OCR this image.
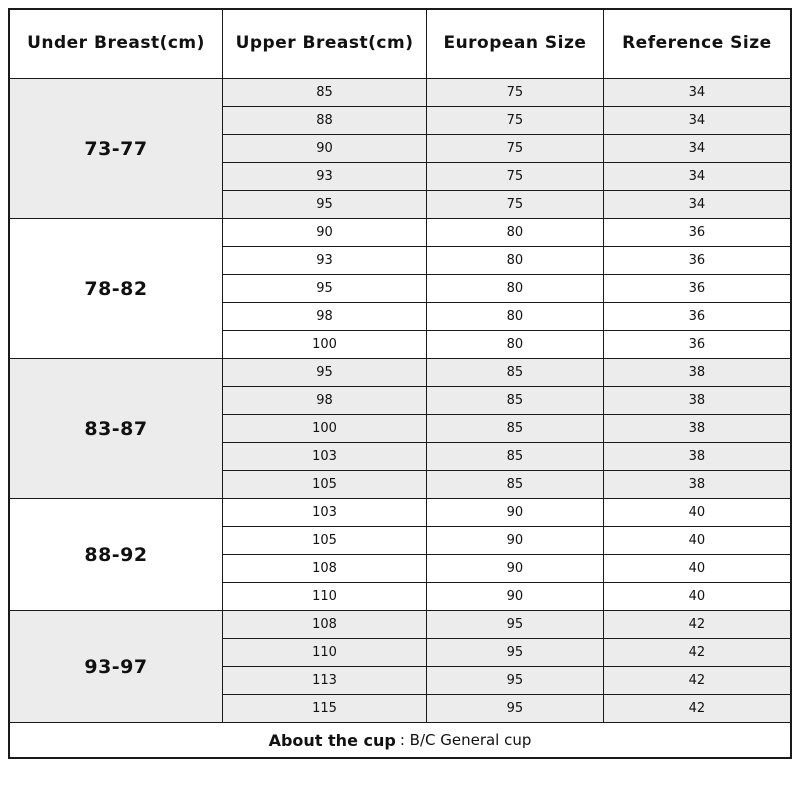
Under Breast(cm)	Upper Breast(cm)	European Size	Reference Size
73-77	85	75	34
	88	75	34
	90	75	34
	93	75	34
	95	75	34
78-82	90	80	36
	93	80	36
	95	80	36
	98	80	36
	100	80	36
83-87	95	85	38
	98	85	38
	100	85	38
	103	85	38
	105	85	38
88-92	103	90	40
	105	90	40
	108	90	40
	110	90	40
93-97	108	95	42
	110	95	42
	113	95	42
	115	95	42

About the cup : B/C General cup			
